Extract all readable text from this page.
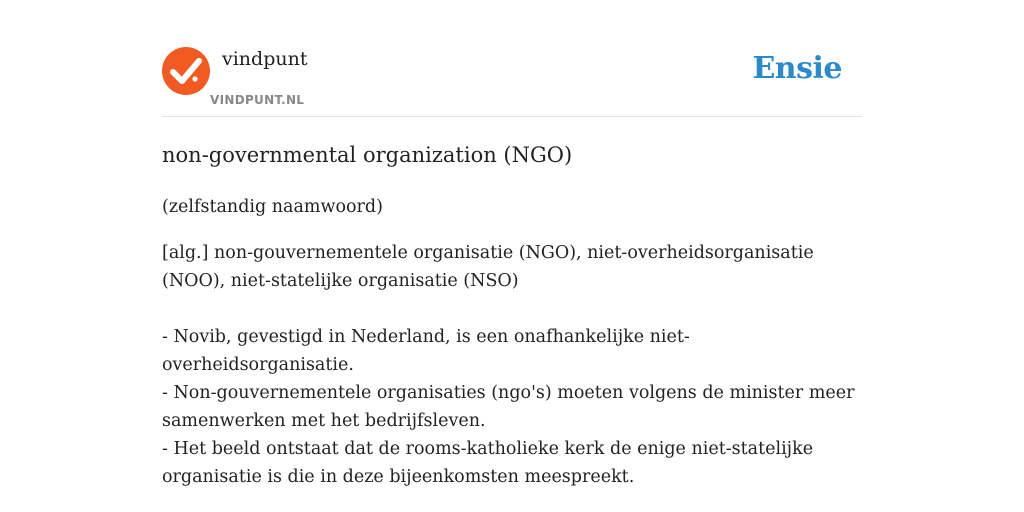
vindpunt
VINDPUNT.NL
Ensie
non-governmental organization (NGO)
(zelfstandig naamwoord)
[alg.] non-gouvernementele organisatie (NGO), niet-overheidsorganisatie (NOO), niet-statelijke organisatie (NSO)
- Novib, gevestigd in Nederland, is een onafhankelijke niet-overheidsorganisatie.
- Non-gouvernementele organisaties (ngo's) moeten volgens de minister meer samenwerken met het bedrijfsleven.
- Het beeld ontstaat dat de rooms-katholieke kerk de enige niet-statelijke organisatie is die in deze bijeenkomsten meespreekt.
